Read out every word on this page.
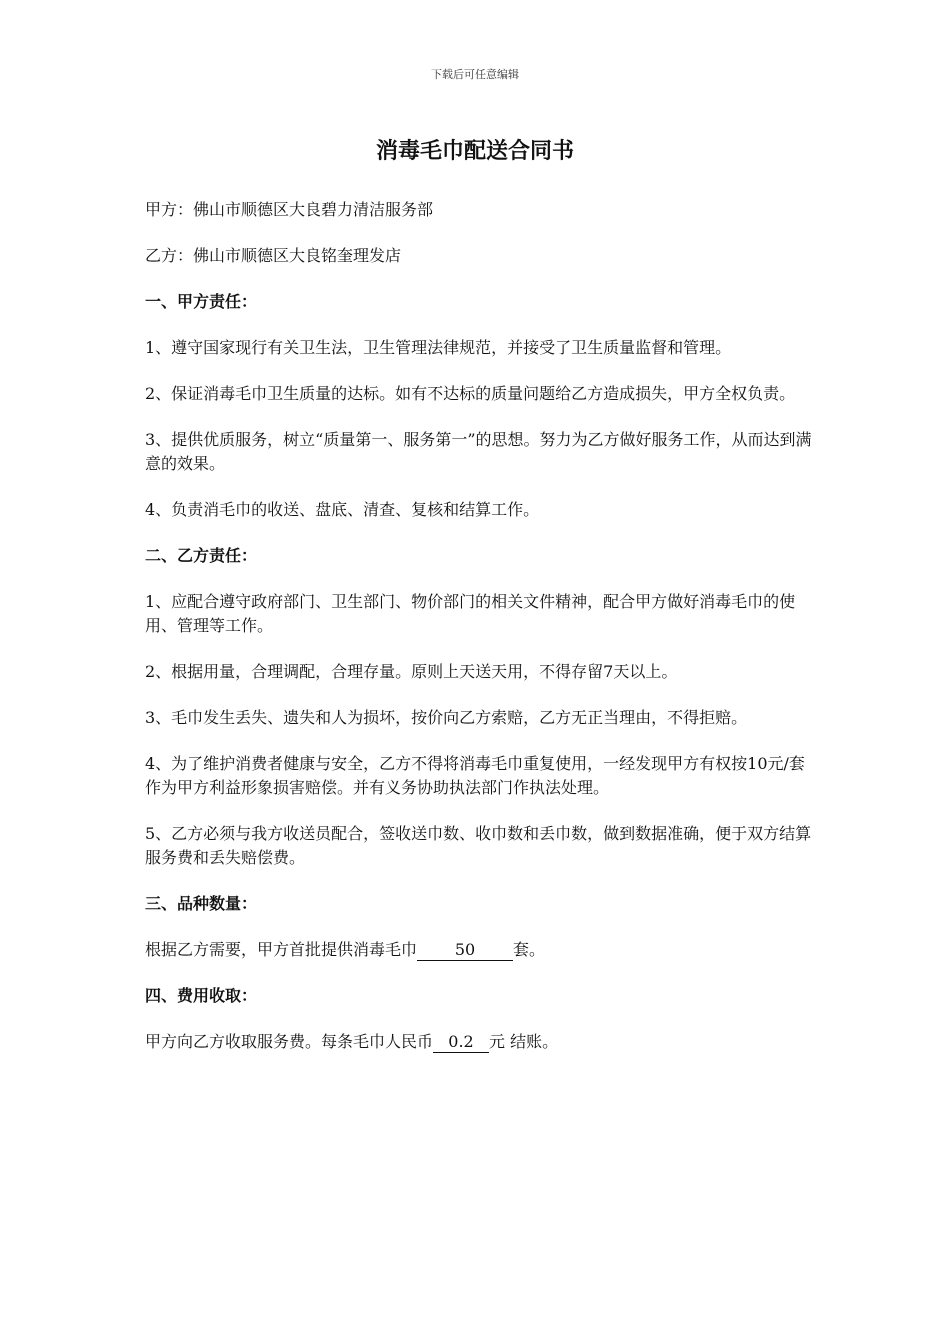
下载后可任意编辑
消毒毛巾配送合同书

甲方：佛山市顺德区大良碧力清洁服务部

乙方：佛山市顺德区大良铭奎理发店

一、甲方责任：

1、遵守国家现行有关卫生法，卫生管理法律规范，并接受了卫生质量监督和管理。

2、保证消毒毛巾卫生质量的达标。如有不达标的质量问题给乙方造成损失，甲方全权负责。

3、提供优质服务，树立“质量第一、服务第一”的思想。努力为乙方做好服务工作，从而达到满意的效果。

4、负责消毛巾的收送、盘底、清查、复核和结算工作。

二、乙方责任：

1、应配合遵守政府部门、卫生部门、物价部门的相关文件精神，配合甲方做好消毒毛巾的使用、管理等工作。

2、根据用量，合理调配，合理存量。原则上天送天用，不得存留7天以上。

3、毛巾发生丢失、遗失和人为损坏，按价向乙方索赔，乙方无正当理由，不得拒赔。

4、为了维护消费者健康与安全，乙方不得将消毒毛巾重复使用，一经发现甲方有权按10元/套作为甲方利益形象损害赔偿。并有义务协助执法部门作执法处理。

5、乙方必须与我方收送员配合，签收送巾数、收巾数和丢巾数，做到数据准确，便于双方结算服务费和丢失赔偿费。

三、品种数量：

根据乙方需要，甲方首批提供消毒毛巾 50 套。

四、费用收取：

甲方向乙方收取服务费。每条毛巾人民币 0.2 元 结账。
